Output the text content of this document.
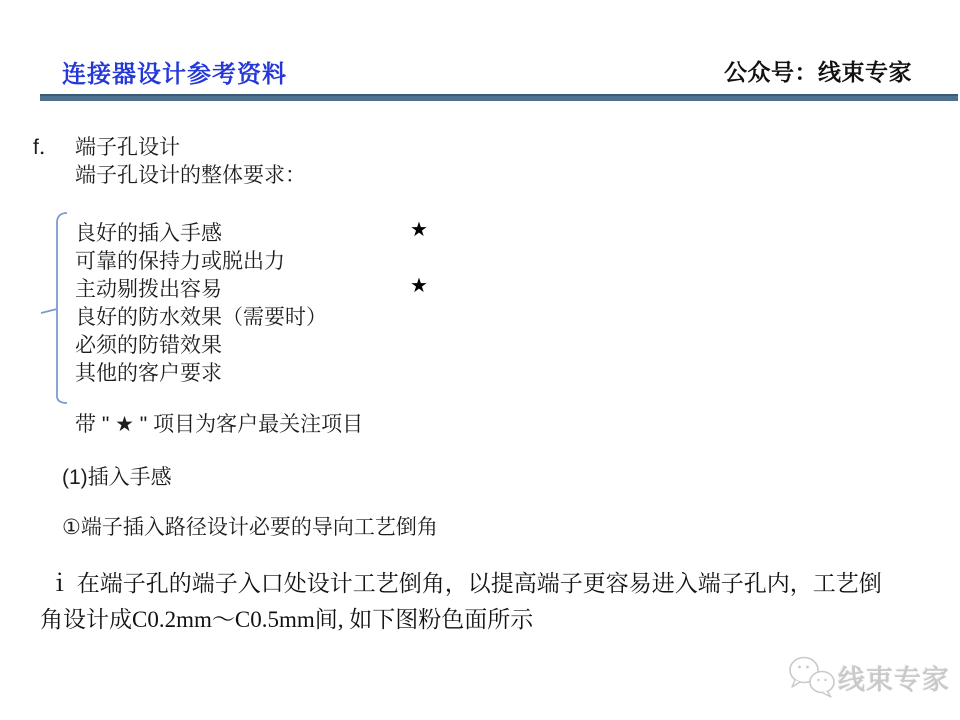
连接器设计参考资料	公众号：线束专家
f． 端子孔设计
端子孔设计的整体要求：
良好的插入手感	★
可靠的保持力或脱出力
主动剔拨出容易	★
良好的防水效果（需要时）
必须的防错效果
其他的客户要求
带 " ★ " 项目为客户最关注项目
(1)插入手感
①端子插入路径设计必要的导向工艺倒角
ｉ 在端子孔的端子入口处设计工艺倒角，以提高端子更容易进入端子孔内，工艺倒
角设计成C0.2mm～C0.5mm间, 如下图粉色面所示
线束专家
